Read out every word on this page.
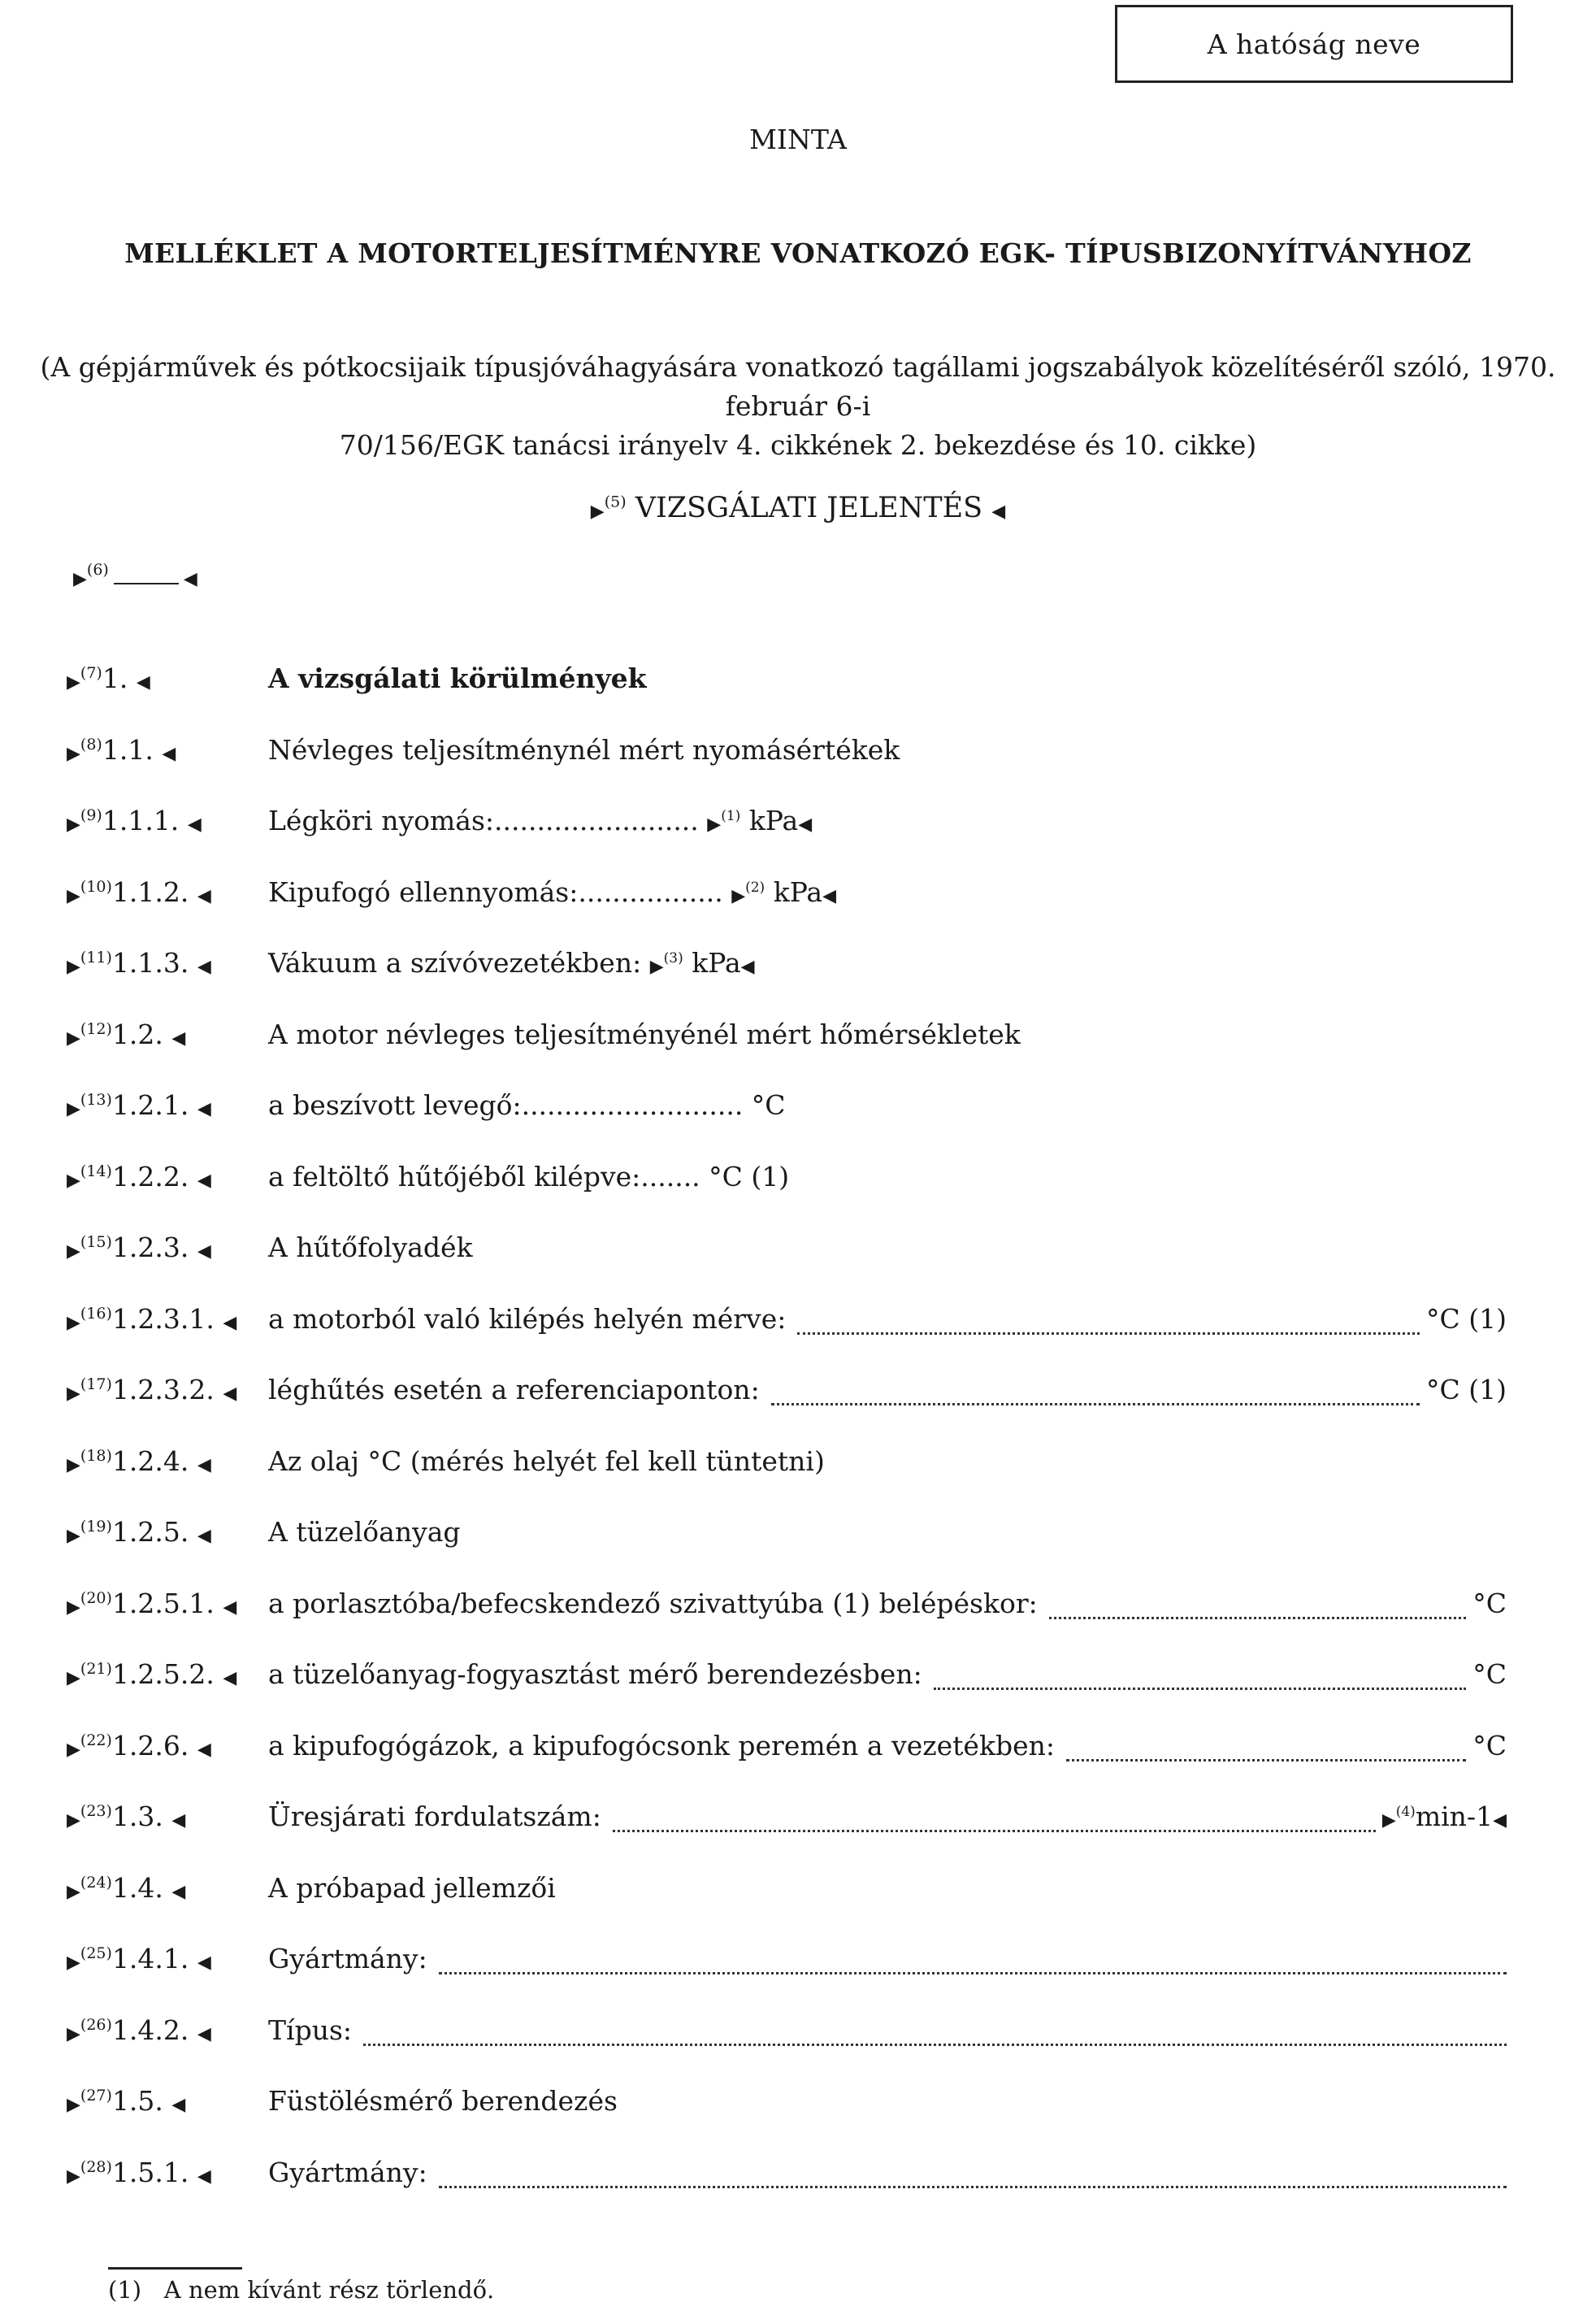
A hatóság neve
MINTA
MELLÉKLET A MOTORTELJESÍTMÉNYRE VONATKOZÓ EGK- TÍPUSBIZONYÍTVÁNYHOZ
(A gépjárművek és pótkocsijaik típusjóváhagyására vonatkozó tagállami jogszabályok közelítéséről szóló, 1970. február 6-i
70/156/EGK tanácsi irányelv 4. cikkének 2. bekezdése és 10. cikke)
▶$^{(5)}$ VIZSGÁLATI JELENTÉS ◀
▶$^{(6)}$	◀
▶$^{(7)}$1. ◀	A vizsgálati körülmények
▶$^{(8)}$1.1. ◀	Névleges teljesítménynél mért nyomásértékek
▶$^{(9)}$1.1.1. ◀ Légköri nyomás:........................ ▶$^{(1)}$ kPa◀
▶$^{(10)}$1.1.2. ◀ Kipufogó ellennyomás:................. ▶$^{(2)}$ kPa◀
▶$^{(11)}$1.1.3. ◀ Vákuum a szívóvezetékben: ▶$^{(3)}$ kPa◀
▶$^{(12)}$1.2. ◀	A motor névleges teljesítményénél mért hőmérsékletek
▶$^{(13)}$1.2.1. ◀ a beszívott levegő:.......................... °C
▶$^{(14)}$1.2.2. ◀ a feltöltő hűtőjéből kilépve:....... °C (1)
▶$^{(15)}$1.2.3. ◀ A hűtőfolyadék
▶$^{(16)}$1.2.3.1. ◀ a motorból való kilépés helyén mérve:	°C (1)
▶$^{(17)}$1.2.3.2. ◀ léghűtés esetén a referenciaponton:	°C (1)
▶$^{(18)}$1.2.4. ◀ Az olaj °C (mérés helyét fel kell tüntetni)
▶$^{(19)}$1.2.5. ◀ A tüzelőanyag
▶$^{(20)}$1.2.5.1. ◀ a porlasztóba/befecskendező szivattyúba (1) belépéskor:	°C
▶$^{(21)}$1.2.5.2. ◀ a tüzelőanyag-fogyasztást mérő berendezésben:	°C
▶$^{(22)}$1.2.6. ◀ a kipufogógázok, a kipufogócsonk peremén a vezetékben:	°C
▶$^{(23)}$1.3. ◀	Üresjárati fordulatszám:	▶$^{(4)}$min-1◀
▶$^{(24)}$1.4. ◀	A próbapad jellemzői
▶$^{(25)}$1.4.1. ◀ Gyártmány:
▶$^{(26)}$1.4.2. ◀ Típus:
▶$^{(27)}$1.5. ◀	Füstölésmérő berendezés
▶$^{(28)}$1.5.1. ◀ Gyártmány:
(1) A nem kívánt rész törlendő.
